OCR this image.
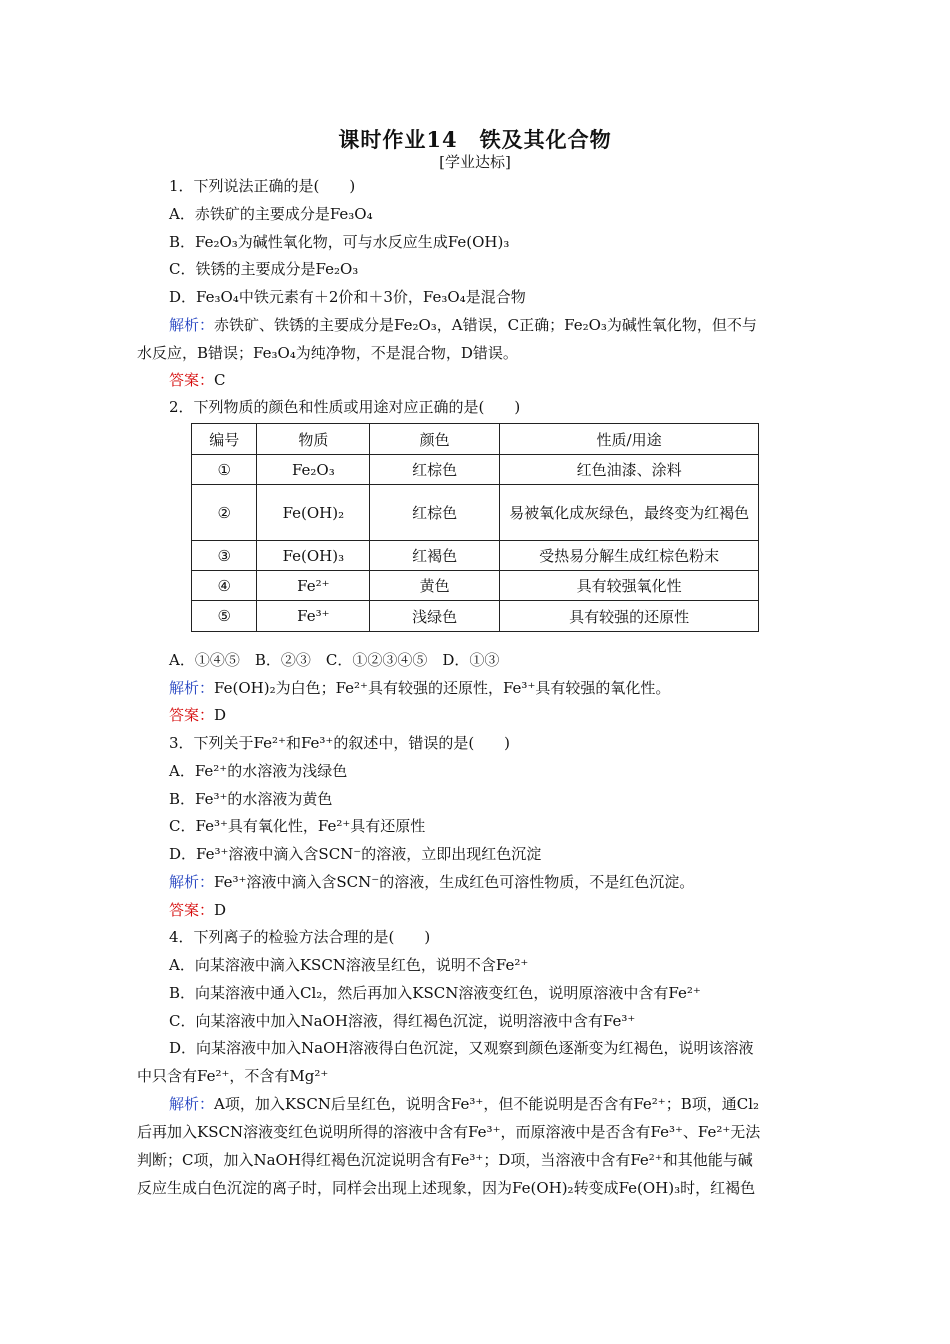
课时作业14　铁及其化合物
[学业达标]
1．下列说法正确的是(　　)
A．赤铁矿的主要成分是Fe₃O₄
B．Fe₂O₃为碱性氧化物，可与水反应生成Fe(OH)₃
C．铁锈的主要成分是Fe₂O₃
D．Fe₃O₄中铁元素有＋2价和＋3价，Fe₃O₄是混合物
解析：赤铁矿、铁锈的主要成分是Fe₂O₃，A错误，C正确；Fe₂O₃为碱性氧化物，但不与
水反应，B错误；Fe₃O₄为纯净物，不是混合物，D错误。
答案：C
2．下列物质的颜色和性质或用途对应正确的是(　　)
编号	物质	颜色	性质/用途
①	Fe₂O₃	红棕色	红色油漆、涂料
②	Fe(OH)₂	红棕色	易被氧化成灰绿色，最终变为红褐色
③	Fe(OH)₃	红褐色	受热易分解生成红棕色粉末
④	Fe²⁺	黄色	具有较强氧化性
⑤	Fe³⁺	浅绿色	具有较强的还原性
A．①④⑤　B．②③　C．①②③④⑤　D．①③
解析：Fe(OH)₂为白色；Fe²⁺具有较强的还原性，Fe³⁺具有较强的氧化性。
答案：D
3．下列关于Fe²⁺和Fe³⁺的叙述中，错误的是(　　)
A．Fe²⁺的水溶液为浅绿色
B．Fe³⁺的水溶液为黄色
C．Fe³⁺具有氧化性，Fe²⁺具有还原性
D．Fe³⁺溶液中滴入含SCN⁻的溶液，立即出现红色沉淀
解析：Fe³⁺溶液中滴入含SCN⁻的溶液，生成红色可溶性物质，不是红色沉淀。
答案：D
4．下列离子的检验方法合理的是(　　)
A．向某溶液中滴入KSCN溶液呈红色，说明不含Fe²⁺
B．向某溶液中通入Cl₂，然后再加入KSCN溶液变红色，说明原溶液中含有Fe²⁺
C．向某溶液中加入NaOH溶液，得红褐色沉淀，说明溶液中含有Fe³⁺
D．向某溶液中加入NaOH溶液得白色沉淀，又观察到颜色逐渐变为红褐色，说明该溶液
中只含有Fe²⁺，不含有Mg²⁺
解析：A项，加入KSCN后呈红色，说明含Fe³⁺，但不能说明是否含有Fe²⁺；B项，通Cl₂
后再加入KSCN溶液变红色说明所得的溶液中含有Fe³⁺，而原溶液中是否含有Fe³⁺、Fe²⁺无法
判断；C项，加入NaOH得红褐色沉淀说明含有Fe³⁺；D项，当溶液中含有Fe²⁺和其他能与碱
反应生成白色沉淀的离子时，同样会出现上述现象，因为Fe(OH)₂转变成Fe(OH)₃时，红褐色
